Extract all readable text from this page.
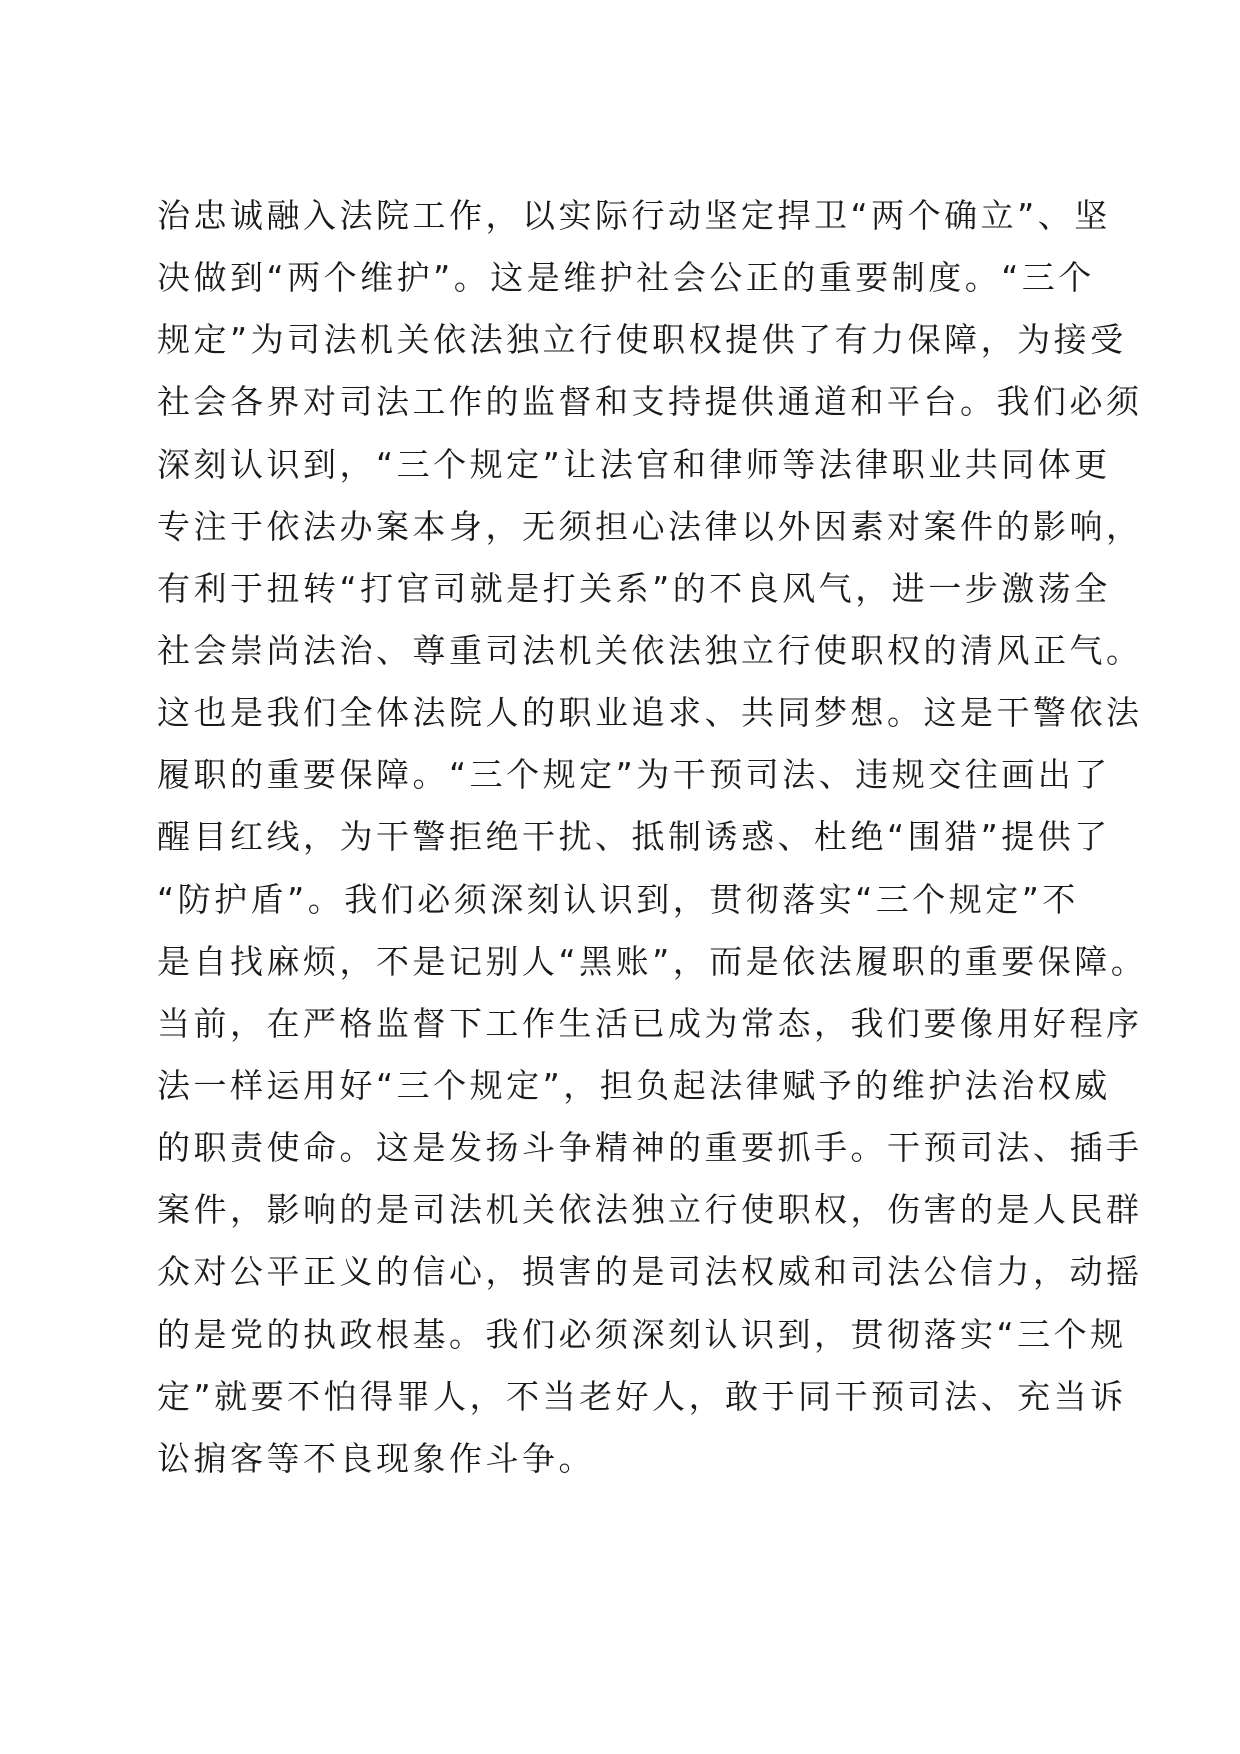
治忠诚融入法院工作，以实际行动坚定捍卫“两个确立”、坚
决做到“两个维护”。这是维护社会公正的重要制度。“三个
规定”为司法机关依法独立行使职权提供了有力保障，为接受
社会各界对司法工作的监督和支持提供通道和平台。我们必须
深刻认识到，“三个规定”让法官和律师等法律职业共同体更
专注于依法办案本身，无须担心法律以外因素对案件的影响，
有利于扭转“打官司就是打关系”的不良风气，进一步激荡全
社会崇尚法治、尊重司法机关依法独立行使职权的清风正气。
这也是我们全体法院人的职业追求、共同梦想。这是干警依法
履职的重要保障。“三个规定”为干预司法、违规交往画出了
醒目红线，为干警拒绝干扰、抵制诱惑、杜绝“围猎”提供了
“防护盾”。我们必须深刻认识到，贯彻落实“三个规定”不
是自找麻烦，不是记别人“黑账”，而是依法履职的重要保障。
当前，在严格监督下工作生活已成为常态，我们要像用好程序
法一样运用好“三个规定”，担负起法律赋予的维护法治权威
的职责使命。这是发扬斗争精神的重要抓手。干预司法、插手
案件，影响的是司法机关依法独立行使职权，伤害的是人民群
众对公平正义的信心，损害的是司法权威和司法公信力，动摇
的是党的执政根基。我们必须深刻认识到，贯彻落实“三个规
定”就要不怕得罪人，不当老好人，敢于同干预司法、充当诉
讼掮客等不良现象作斗争。
